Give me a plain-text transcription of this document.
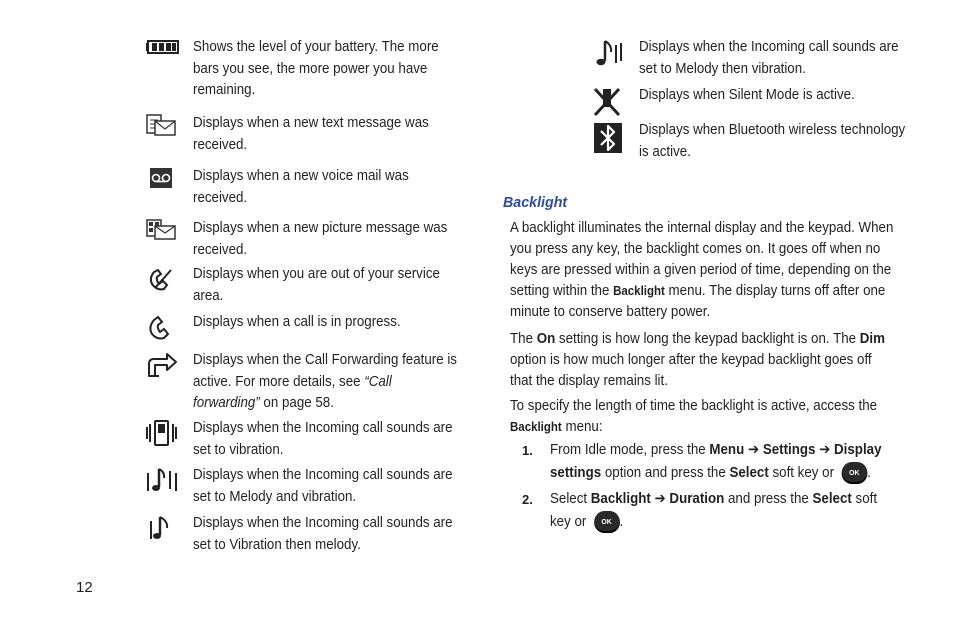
Shows the level of your battery. The more
bars you see, the more power you have
remaining.
Displays when a new text message was
received.
Displays when a new voice mail was
received.
Displays when a new picture message was
received.
Displays when you are out of your service
area.
Displays when a call is in progress.
Displays when the Call Forwarding feature is
active. For more details, see “Call
forwarding” on page 58.
Displays when the Incoming call sounds are
set to vibration.
Displays when the Incoming call sounds are
set to Melody and vibration.
Displays when the Incoming call sounds are
set to Vibration then melody.
Displays when the Incoming call sounds are
set to Melody then vibration.
Displays when Silent Mode is active.
Displays when Bluetooth wireless technology
is active.
Backlight
A backlight illuminates the internal display and the keypad. When
you press any key, the backlight comes on. It goes off when no
keys are pressed within a given period of time, depending on the
setting within the Backlight menu. The display turns off after one
minute to conserve battery power.
The On setting is how long the keypad backlight is on. The Dim
option is how much longer after the keypad backlight goes off
that the display remains lit.
To specify the length of time the backlight is active, access the
Backlight menu:
1. From Idle mode, press the Menu ➔ Settings ➔ Display
settings option and press the Select soft key or OK .
2. Select Backlight ➔ Duration and press the Select soft
key or OK .
12
